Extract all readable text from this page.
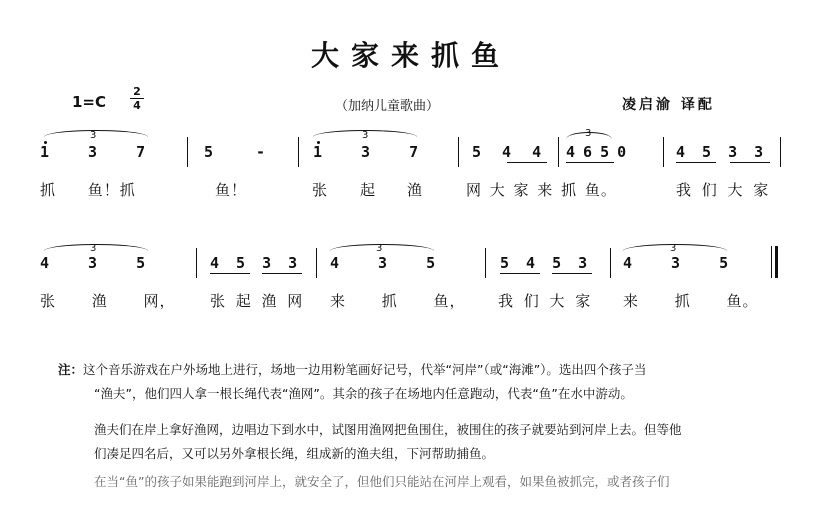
大家来抓鱼
1=C
2
4	（加纳儿童歌曲）	凌启渝 译配
3
1 3 7	5 -
3
1 3 7	5 4 4
3
4 6 5 0	4 5 3 3
抓 鱼！抓	鱼！	张 起 渔	网 大 家 来 抓 鱼。	我 们 大 家
3
4 3 5	4 5 3 3
3
4 3 5	5 4 5 3
3
4 3 5
张 渔 网， 张 起 渔 网 来 抓 鱼， 我 们 大 家 来 抓 鱼。
注：这个音乐游戏在户外场地上进行，场地一边用粉笔画好记号，代举“河岸”（或“海滩”）。选出四个孩子当
“渔夫”，他们四人拿一根长绳代表“渔网”。其余的孩子在场地内任意跑动，代表“鱼”在水中游动。
渔夫们在岸上拿好渔网，边唱边下到水中，试图用渔网把鱼围住，被围住的孩子就要站到河岸上去。但等他
们凑足四名后，又可以另外拿根长绳，组成新的渔夫组，下河帮助捕鱼。
在当“鱼”的孩子如果能跑到河岸上，就安全了，但他们只能站在河岸上观看，如果鱼被抓完，或者孩子们
